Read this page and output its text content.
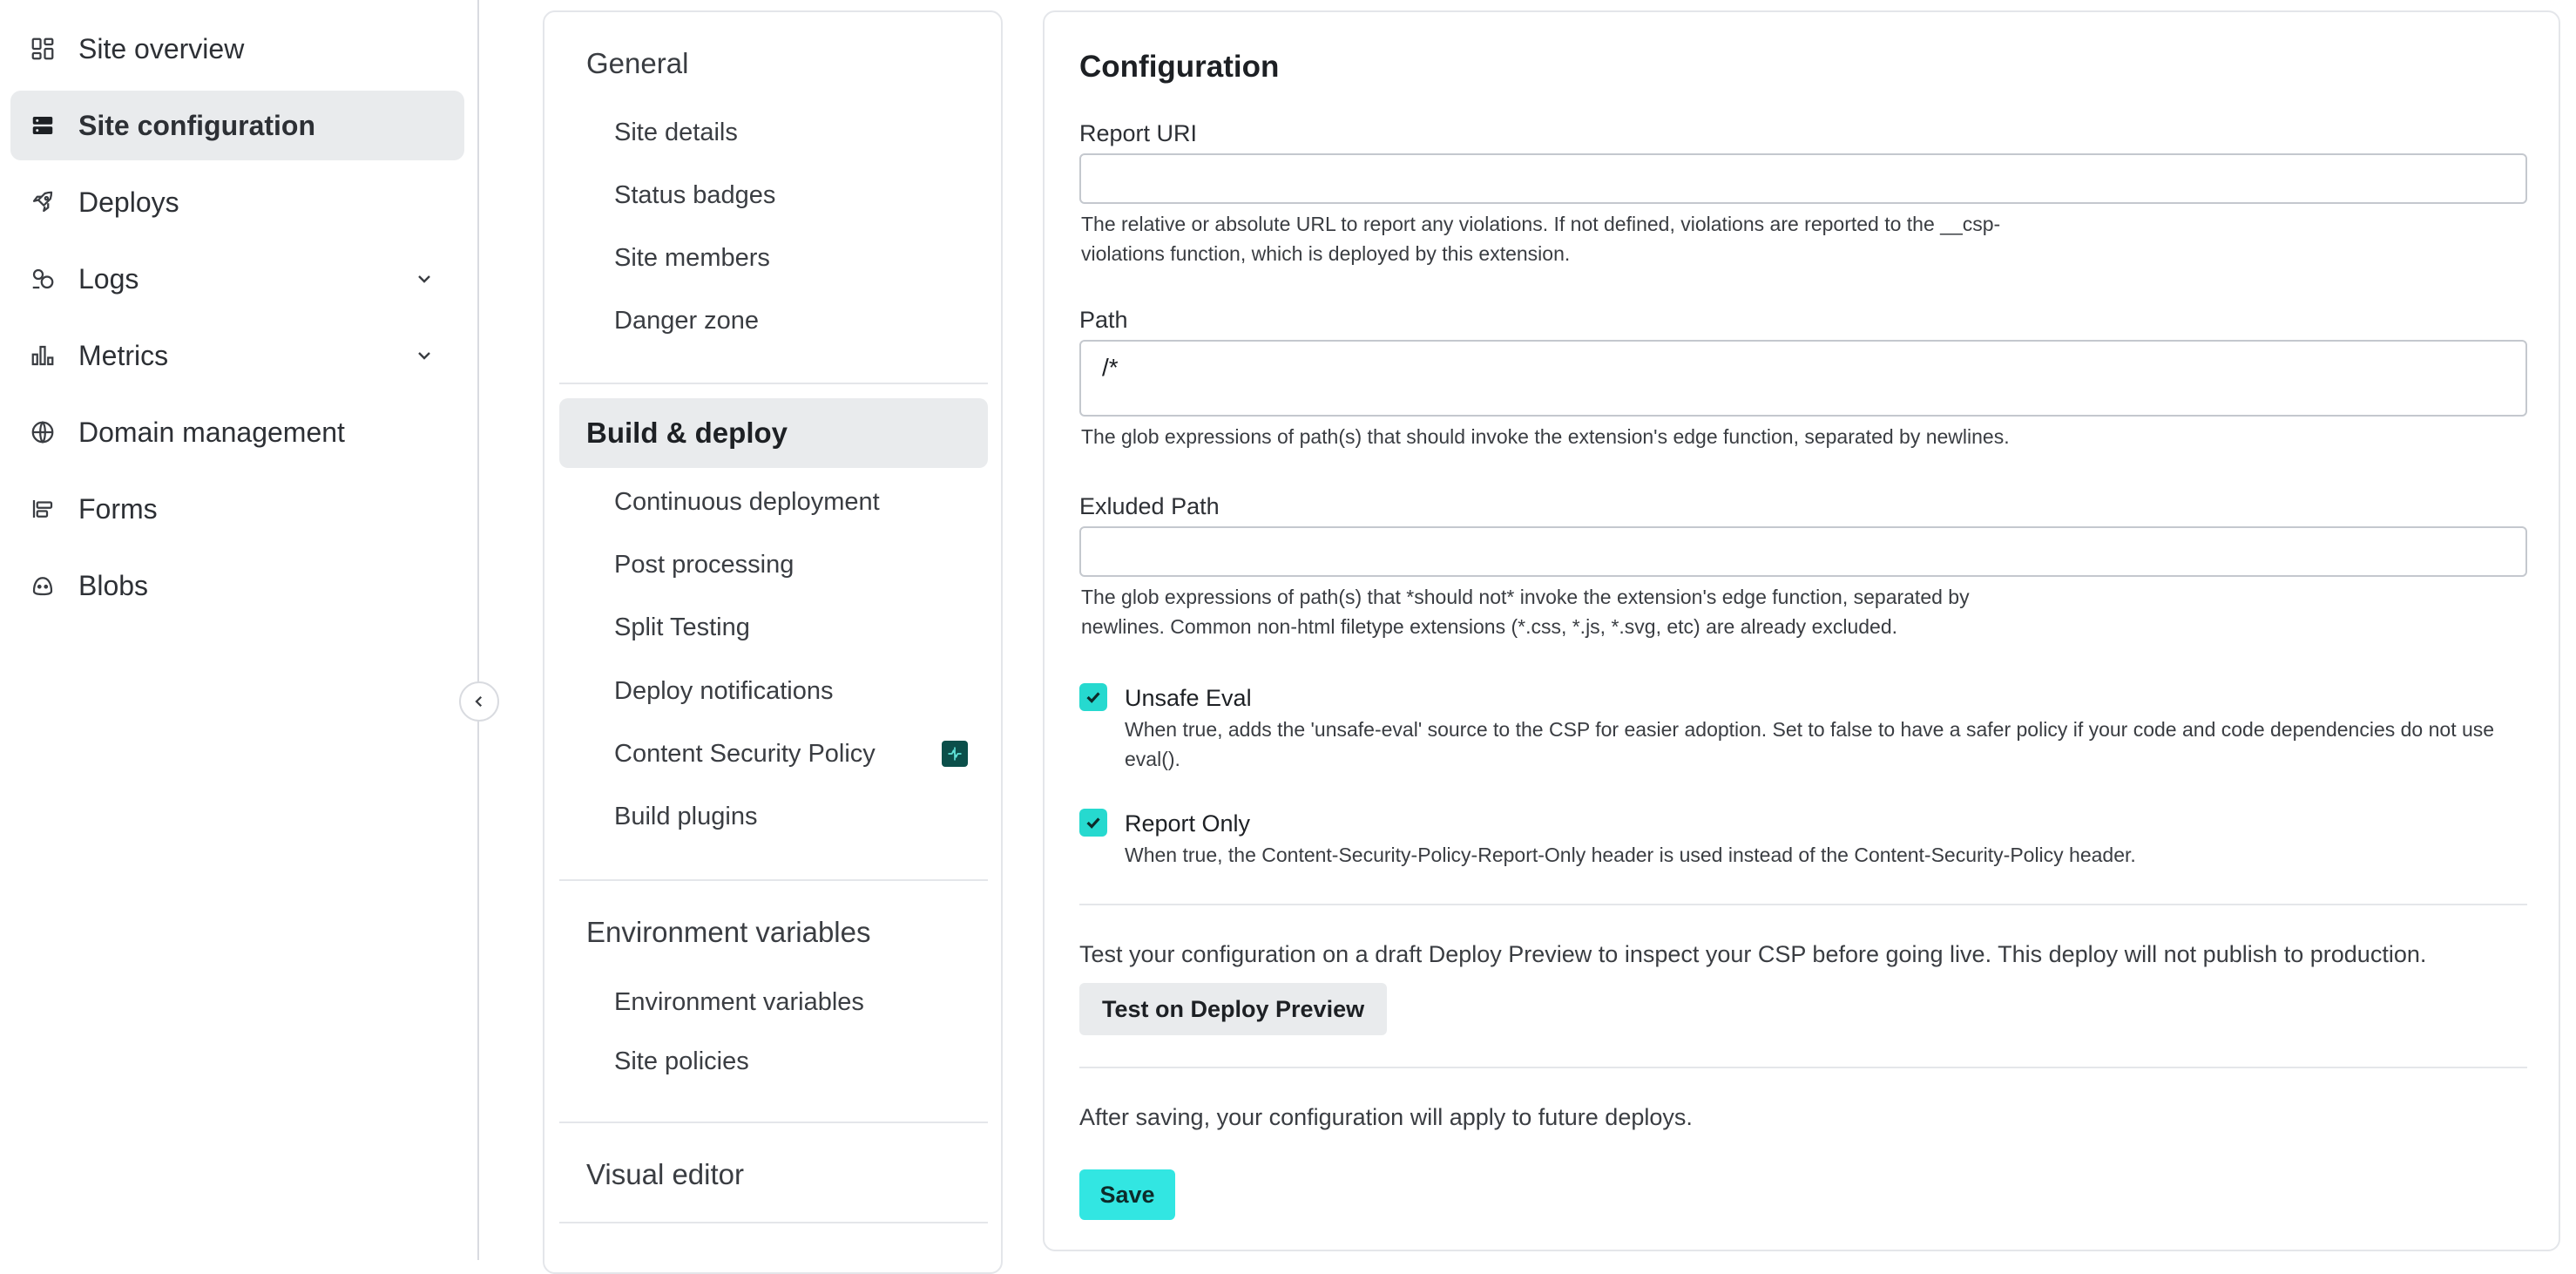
Site overview
Site configuration
Deploys
Logs
Metrics
Domain management
Forms
Blobs
General
Site details
Status badges
Site members
Danger zone
Build & deploy
Continuous deployment
Post processing
Split Testing
Deploy notifications
Content Security Policy
Build plugins
Environment variables
Environment variables
Site policies
Visual editor
Configuration
Report URI

The relative or absolute URL to report any violations. If not defined, violations are reported to the __csp-violations function, which is deployed by this extension.

Path
/*

The glob expressions of path(s) that should invoke the extension's edge function, separated by newlines.

Exluded Path

The glob expressions of path(s) that *should not* invoke the extension's edge function, separated by newlines. Common non-html filetype extensions (*.css, *.js, *.svg, etc) are already excluded.

Unsafe Eval

When true, adds the 'unsafe-eval' source to the CSP for easier adoption. Set to false to have a safer policy if your code and code dependencies do not use eval().

Report Only

When true, the Content-Security-Policy-Report-Only header is used instead of the Content-Security-Policy header.

Test your configuration on a draft Deploy Preview to inspect your CSP before going live. This deploy will not publish to production.

Test on Deploy Preview

After saving, your configuration will apply to future deploys.

Save
